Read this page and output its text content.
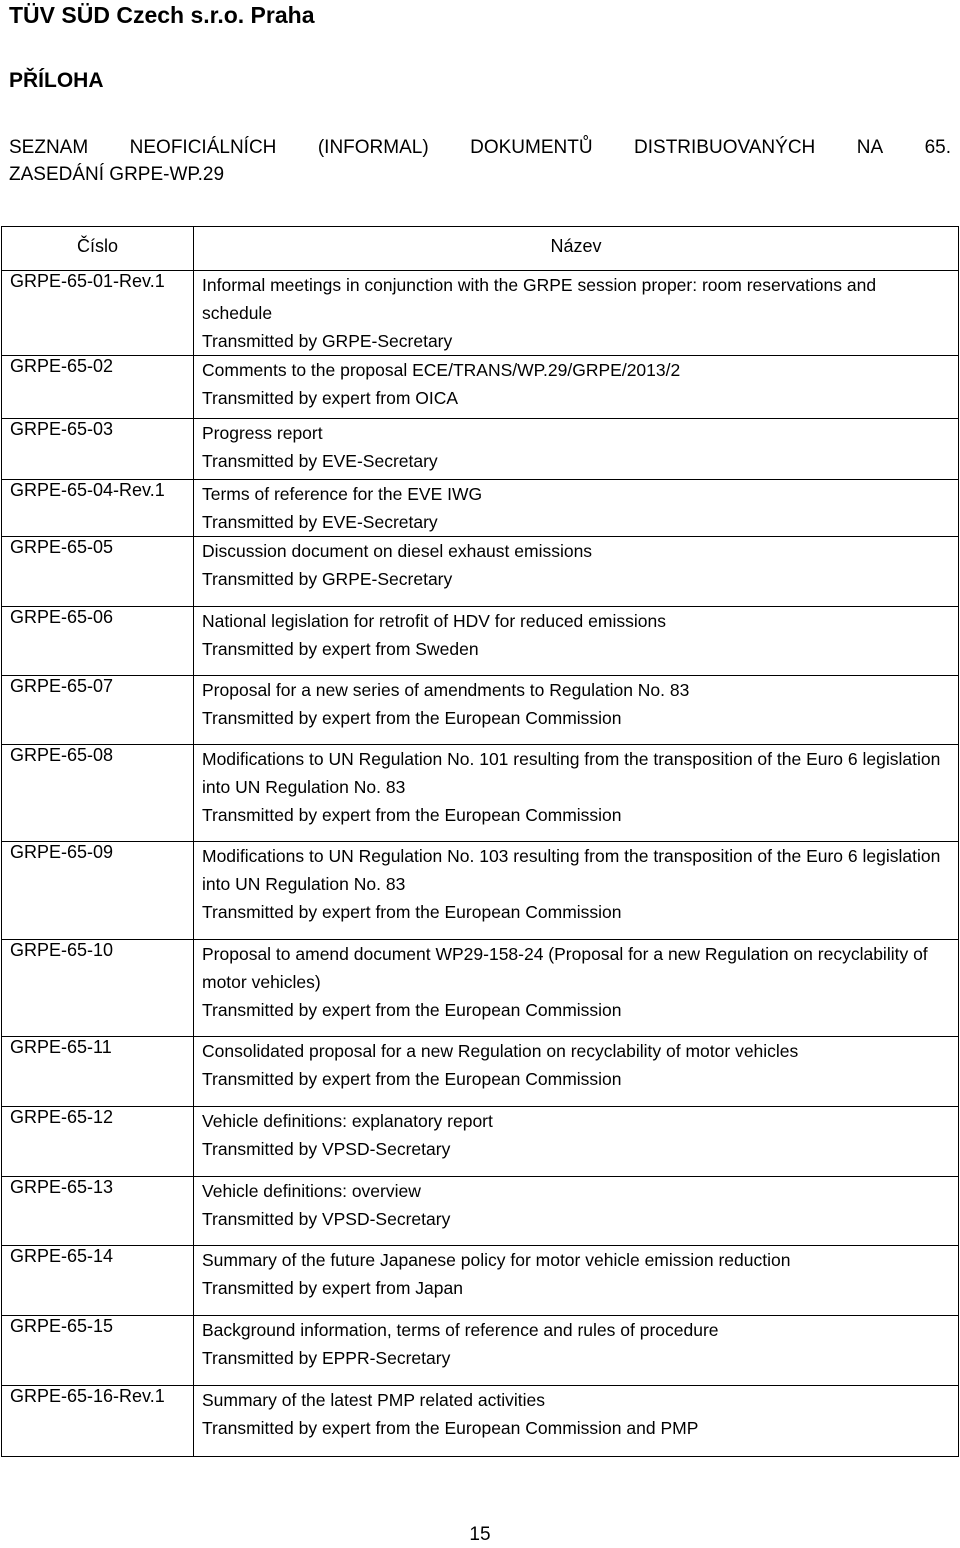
TÜV SÜD Czech s.r.o. Praha
PŘÍLOHA
SEZNAM NEOFICIÁLNÍCH (INFORMAL) DOKUMENTŮ DISTRIBUOVANÝCH NA 65.
ZASEDÁNÍ GRPE-WP.29
Číslo	Název
GRPE-65-01-Rev.1	Informal meetings in conjunction with the GRPE session proper: room reservations and schedule
Transmitted by GRPE-Secretary

GRPE-65-02	Comments to the proposal ECE/TRANS/WP.29/GRPE/2013/2
Transmitted by expert from OICA

GRPE-65-03	Progress report
Transmitted by EVE-Secretary

GRPE-65-04-Rev.1	Terms of reference for the EVE IWG
Transmitted by EVE-Secretary

GRPE-65-05	Discussion document on diesel exhaust emissions
Transmitted by GRPE-Secretary

GRPE-65-06	National legislation for retrofit of HDV for reduced emissions
Transmitted by expert from Sweden

GRPE-65-07	Proposal for a new series of amendments to Regulation No. 83
Transmitted by expert from the European Commission

GRPE-65-08	Modifications to UN Regulation No. 101 resulting from the transposition of the Euro 6 legislation into UN Regulation No. 83
Transmitted by expert from the European Commission

GRPE-65-09	Modifications to UN Regulation No. 103 resulting from the transposition of the Euro 6 legislation into UN Regulation No. 83
Transmitted by expert from the European Commission

GRPE-65-10	Proposal to amend document WP29-158-24 (Proposal for a new Regulation on recyclability of motor vehicles)
Transmitted by expert from the European Commission

GRPE-65-11	Consolidated proposal for a new Regulation on recyclability of motor vehicles
Transmitted by expert from the European Commission

GRPE-65-12	Vehicle definitions: explanatory report
Transmitted by VPSD-Secretary

GRPE-65-13	Vehicle definitions: overview
Transmitted by VPSD-Secretary

GRPE-65-14	Summary of the future Japanese policy for motor vehicle emission reduction
Transmitted by expert from Japan

GRPE-65-15	Background information, terms of reference and rules of procedure
Transmitted by EPPR-Secretary

GRPE-65-16-Rev.1	Summary of the latest PMP related activities
Transmitted by expert from the European Commission and PMP
15
